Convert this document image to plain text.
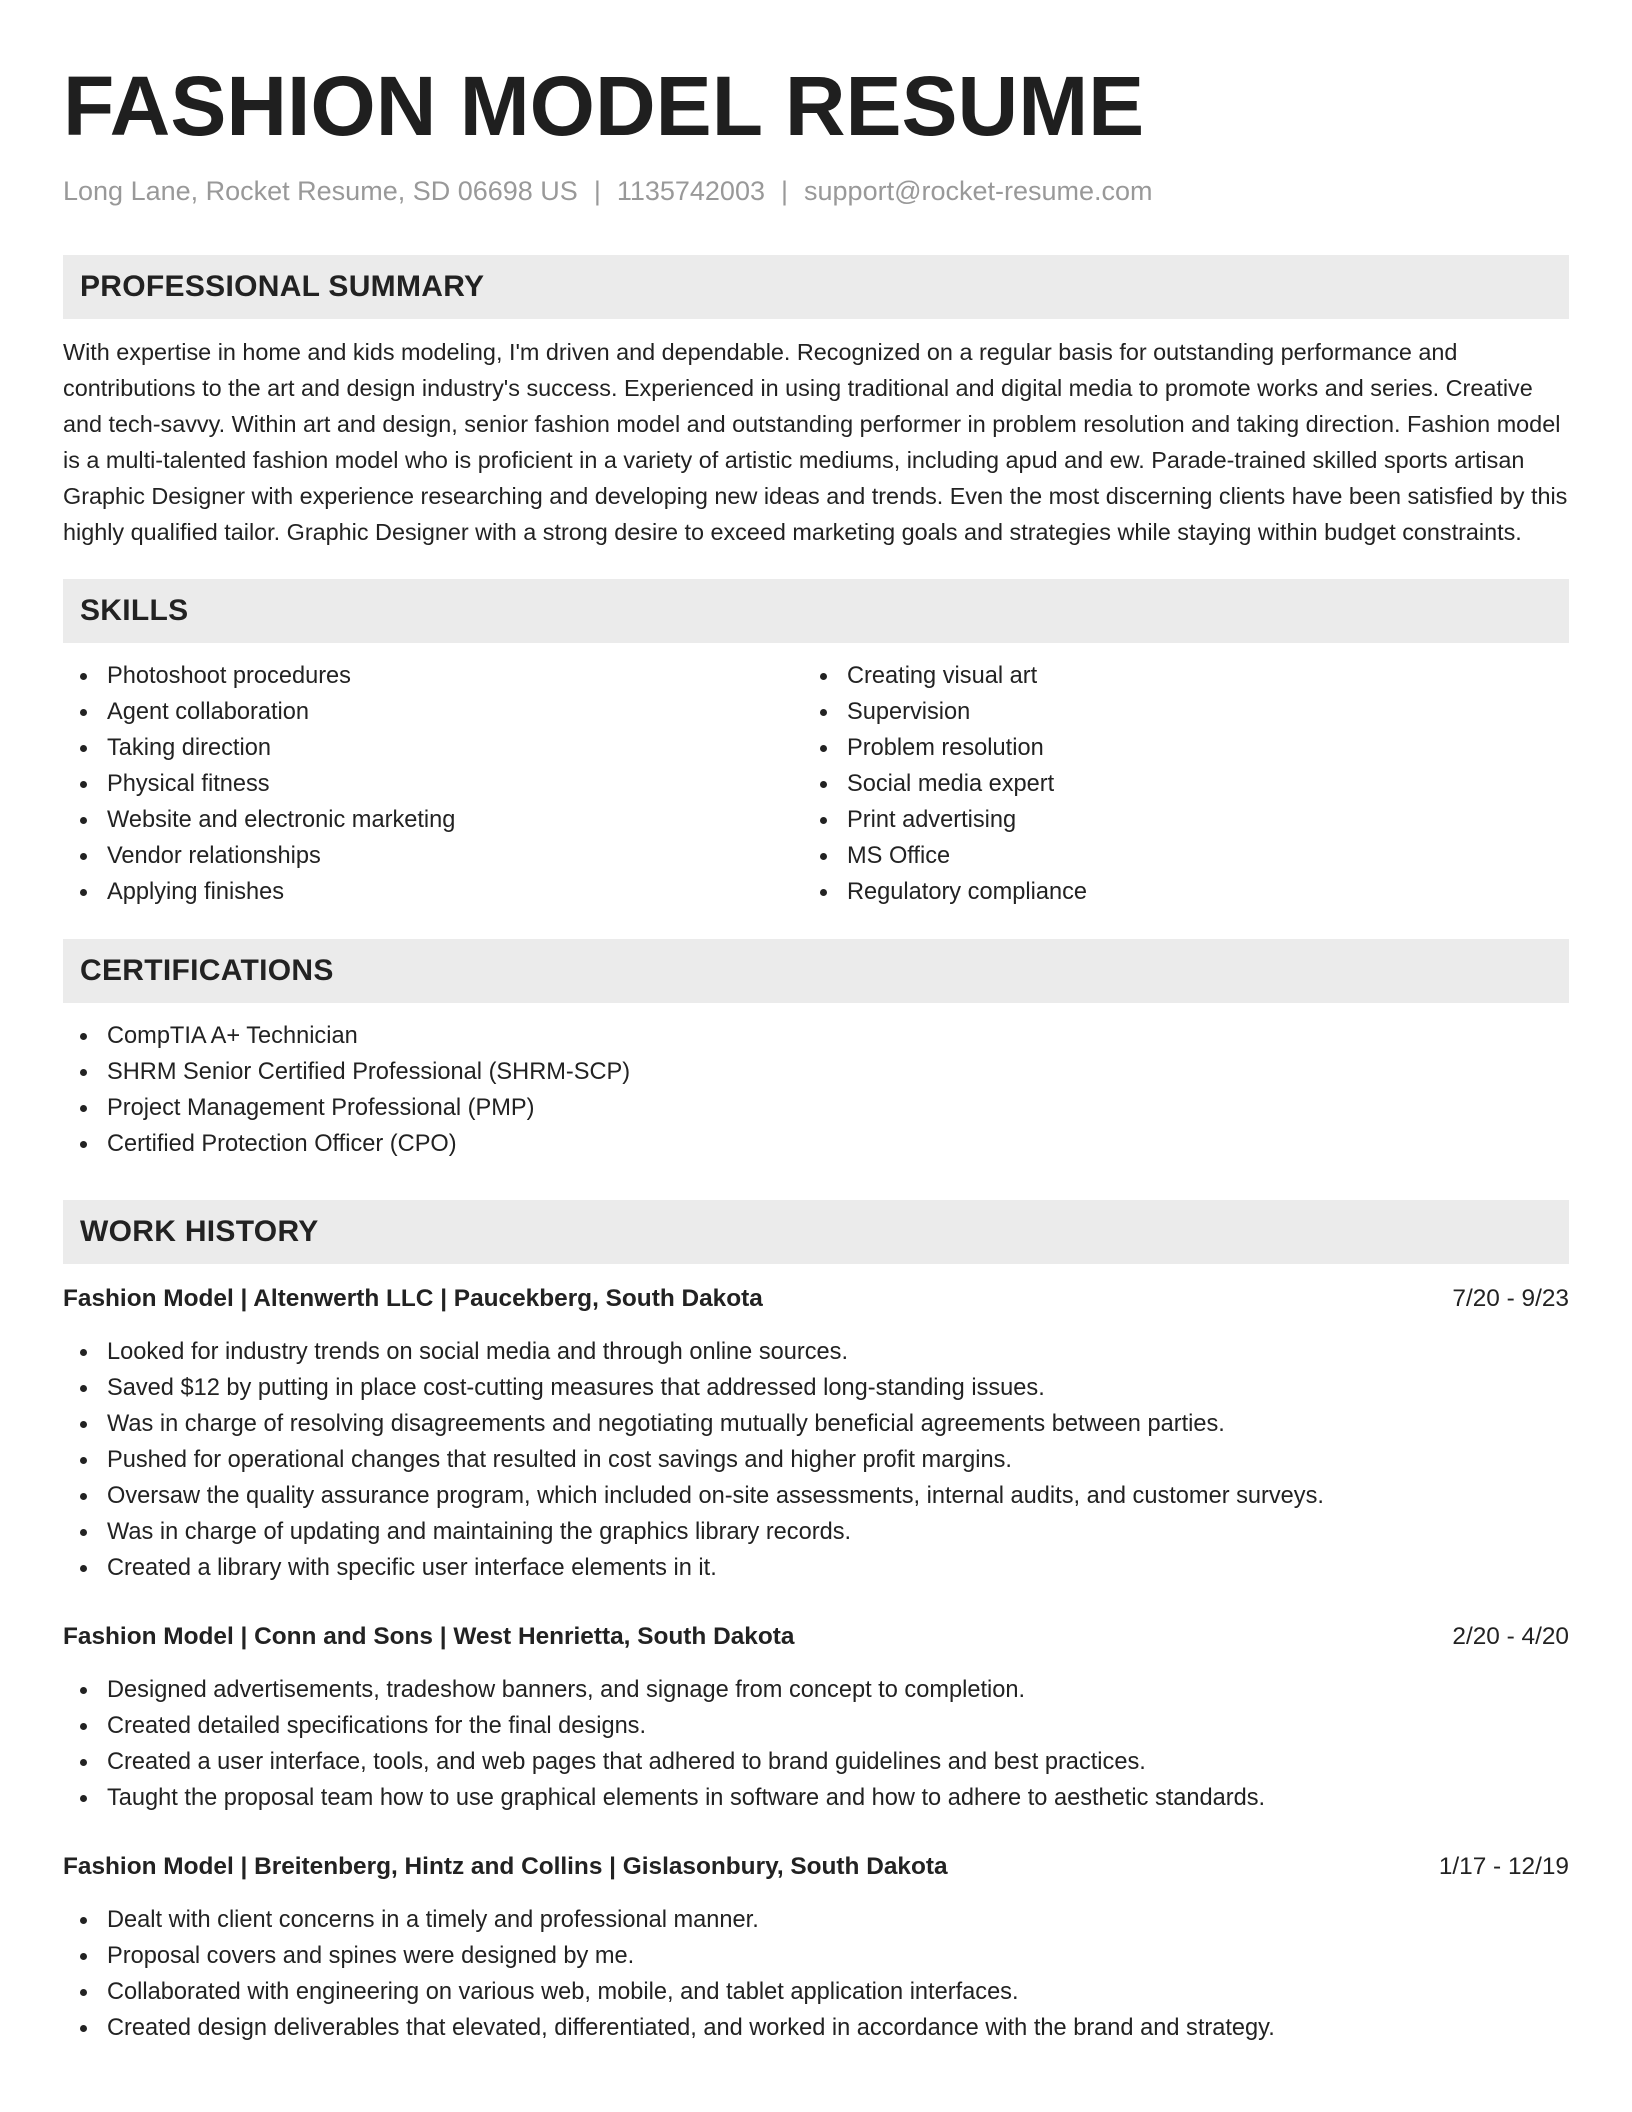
FASHION MODEL RESUME
Long Lane, Rocket Resume, SD 06698 US | 1135742003 | support@rocket-resume.com
PROFESSIONAL SUMMARY

With expertise in home and kids modeling, I'm driven and dependable. Recognized on a regular basis for outstanding performance and contributions to the art and design industry's success. Experienced in using traditional and digital media to promote works and series. Creative and tech-savvy. Within art and design, senior fashion model and outstanding performer in problem resolution and taking direction. Fashion model is a multi-talented fashion model who is proficient in a variety of artistic mediums, including apud and ew. Parade-trained skilled sports artisan Graphic Designer with experience researching and developing new ideas and trends. Even the most discerning clients have been satisfied by this highly qualified tailor. Graphic Designer with a strong desire to exceed marketing goals and strategies while staying within budget constraints.

SKILLS
Photoshoot procedures
Agent collaboration
Taking direction
Physical fitness
Website and electronic marketing
Vendor relationships
Applying finishes
Creating visual art
Supervision
Problem resolution
Social media expert
Print advertising
MS Office
Regulatory compliance
CERTIFICATIONS
CompTIA A+ Technician
SHRM Senior Certified Professional (SHRM-SCP)
Project Management Professional (PMP)
Certified Protection Officer (CPO)
WORK HISTORY
Fashion Model | Altenwerth LLC | Paucekberg, South Dakota	7/20 - 9/23
Looked for industry trends on social media and through online sources.
Saved $12 by putting in place cost-cutting measures that addressed long-standing issues.
Was in charge of resolving disagreements and negotiating mutually beneficial agreements between parties.
Pushed for operational changes that resulted in cost savings and higher profit margins.
Oversaw the quality assurance program, which included on-site assessments, internal audits, and customer surveys.
Was in charge of updating and maintaining the graphics library records.
Created a library with specific user interface elements in it.
Fashion Model | Conn and Sons | West Henrietta, South Dakota	2/20 - 4/20
Designed advertisements, tradeshow banners, and signage from concept to completion.
Created detailed specifications for the final designs.
Created a user interface, tools, and web pages that adhered to brand guidelines and best practices.
Taught the proposal team how to use graphical elements in software and how to adhere to aesthetic standards.
Fashion Model | Breitenberg, Hintz and Collins | Gislasonbury, South Dakota	1/17 - 12/19
Dealt with client concerns in a timely and professional manner.
Proposal covers and spines were designed by me.
Collaborated with engineering on various web, mobile, and tablet application interfaces.
Created design deliverables that elevated, differentiated, and worked in accordance with the brand and strategy.
